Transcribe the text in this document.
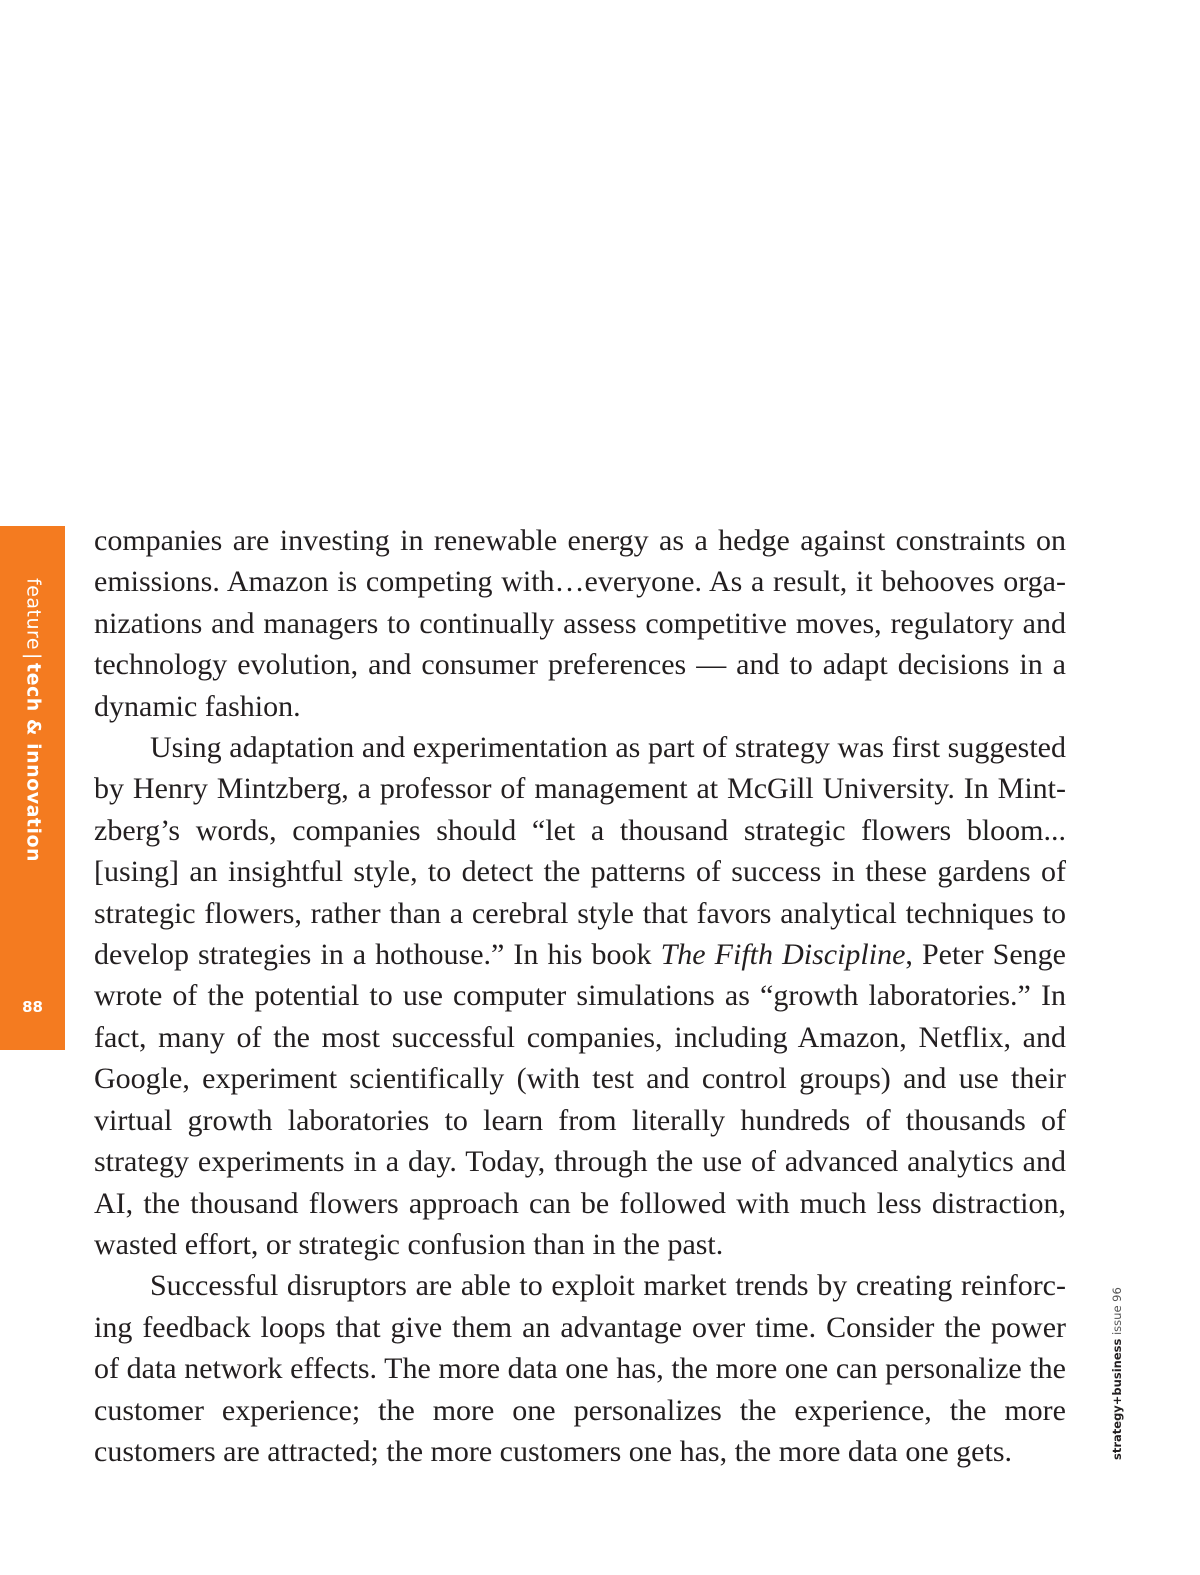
feature|tech & innovation
88

companies are investing in renewable energy as a hedge against constraints on emissions. Amazon is competing with…everyone. As a result, it behooves organizations and managers to continually assess competitive moves, regulatory and technology evolution, and consumer preferences — and to adapt decisions in a dynamic fashion.

Using adaptation and experimentation as part of strategy was first suggested by Henry Mintzberg, a professor of management at McGill University. In Mintzberg’s words, companies should “let a thousand strategic flowers bloom...[using] an insightful style, to detect the patterns of success in these gardens of strategic flowers, rather than a cerebral style that favors analytical techniques to develop strategies in a hothouse.” In his book The Fifth Discipline, Peter Senge wrote of the potential to use computer simulations as “growth laboratories.” In fact, many of the most successful companies, including Amazon, Netflix, and Google, experiment scientifically (with test and control groups) and use their virtual growth laboratories to learn from literally hundreds of thousands of strategy experiments in a day. Today, through the use of advanced analytics and AI, the thousand flowers approach can be followed with much less distraction, wasted effort, or strategic confusion than in the past.

Successful disruptors are able to exploit market trends by creating reinforcing feedback loops that give them an advantage over time. Consider the power of data network effects. The more data one has, the more one can personalize the customer experience; the more one personalizes the experience, the more customers are attracted; the more customers one has, the more data one gets.	strategy+business issue 96
